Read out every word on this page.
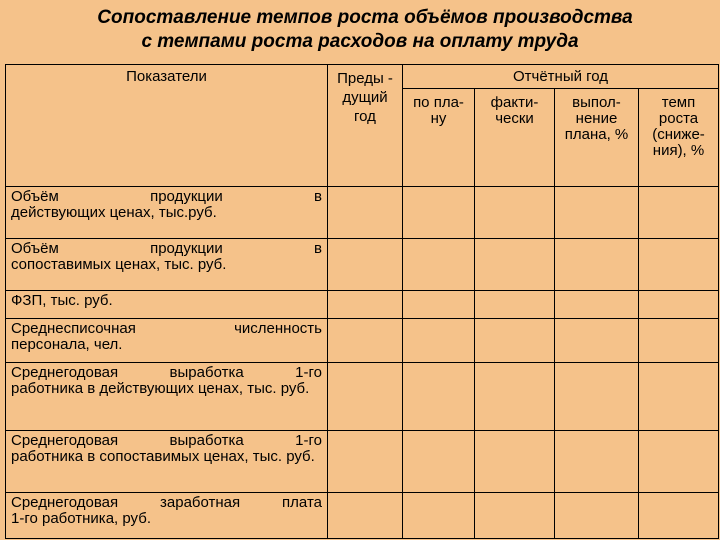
Сопоставление темпов роста объёмов производства
с темпами роста расходов на оплату труда
Показатели	Преды - дущий год	Отчётный год			
		по пла-ну	факти-чески	выпол-нение плана, %	темп роста (сниже-ния), %

Объём продукции в
действующих ценах, тыс.руб.					

Объём продукции в
сопоставимых ценах, тыс. руб.					

ФЗП, тыс. руб.					

Среднесписочная численность
персонала, чел.					

Среднегодовая выработка 1-го
работника в действующих ценах, тыс. руб.					

Среднегодовая выработка 1-го
работника в сопоставимых ценах, тыс. руб.					

Среднегодовая заработная плата
1-го работника, руб.					
